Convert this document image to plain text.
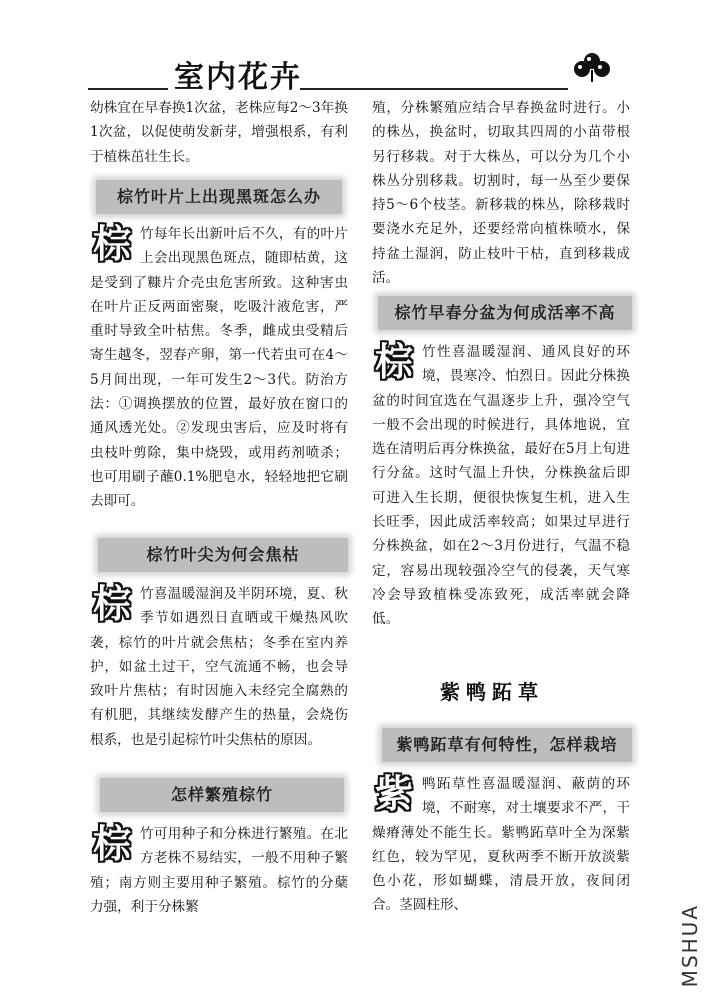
室内花卉

幼株宜在早春换1次盆，老株应每2～3年换1次盆，以促使萌发新芽，增强根系，有利于植株茁壮生长。

棕竹叶片上出现黑斑怎么办
棕 竹每年长出新叶后不久，有的叶片上会出现黑色斑点，随即枯黄，这是受到了糠片介壳虫危害所致。这种害虫在叶片正反两面密聚，吃吸汁液危害，严重时导致全叶枯焦。冬季，雌成虫受精后寄生越冬，翌春产卵，第一代若虫可在4～5月间出现，一年可发生2～3代。防治方法：①调换摆放的位置，最好放在窗口的通风透光处。②发现虫害后，应及时将有虫枝叶剪除，集中烧毁，或用药剂喷杀；也可用刷子蘸0.1%肥皂水，轻轻地把它刷去即可。
棕竹叶尖为何会焦枯
棕 竹喜温暖湿润及半阴环境，夏、秋季节如遇烈日直晒或干燥热风吹袭，棕竹的叶片就会焦枯；冬季在室内养护，如盆土过干，空气流通不畅，也会导致叶片焦枯；有时因施入未经完全腐熟的有机肥，其继续发酵产生的热量，会烧伤根系，也是引起棕竹叶尖焦枯的原因。
怎样繁殖棕竹
棕 竹可用种子和分株进行繁殖。在北方老株不易结实，一般不用种子繁殖；南方则主要用种子繁殖。棕竹的分蘖力强，利于分株繁

殖，分株繁殖应结合早春换盆时进行。小的株丛，换盆时，切取其四周的小苗带根另行移栽。对于大株丛，可以分为几个小株丛分别移栽。切割时，每一丛至少要保持5～6个枝茎。新移栽的株丛，除移栽时要浇水充足外，还要经常向植株喷水，保持盆土湿润，防止枝叶干枯，直到移栽成活。

棕竹早春分盆为何成活率不高
棕 竹性喜温暖湿润、通风良好的环境，畏寒冷、怕烈日。因此分株换盆的时间宜选在气温逐步上升，强冷空气一般不会出现的时候进行，具体地说，宜选在清明后再分株换盆，最好在5月上旬进行分盆。这时气温上升快，分株换盆后即可进入生长期，便很快恢复生机，进入生长旺季，因此成活率较高；如果过早进行分株换盆，如在2～3月份进行，气温不稳定，容易出现较强冷空气的侵袭，天气寒冷会导致植株受冻致死，成活率就会降低。
紫鸭跖草
紫鸭跖草有何特性，怎样栽培
紫 鸭跖草性喜温暖湿润、蔽荫的环境，不耐寒，对土壤要求不严，干燥瘠薄处不能生长。紫鸭跖草叶全为深紫红色，较为罕见，夏秋两季不断开放淡紫色小花，形如蝴蝶，清晨开放，夜间闭合。茎圆柱形、	MSHUA
